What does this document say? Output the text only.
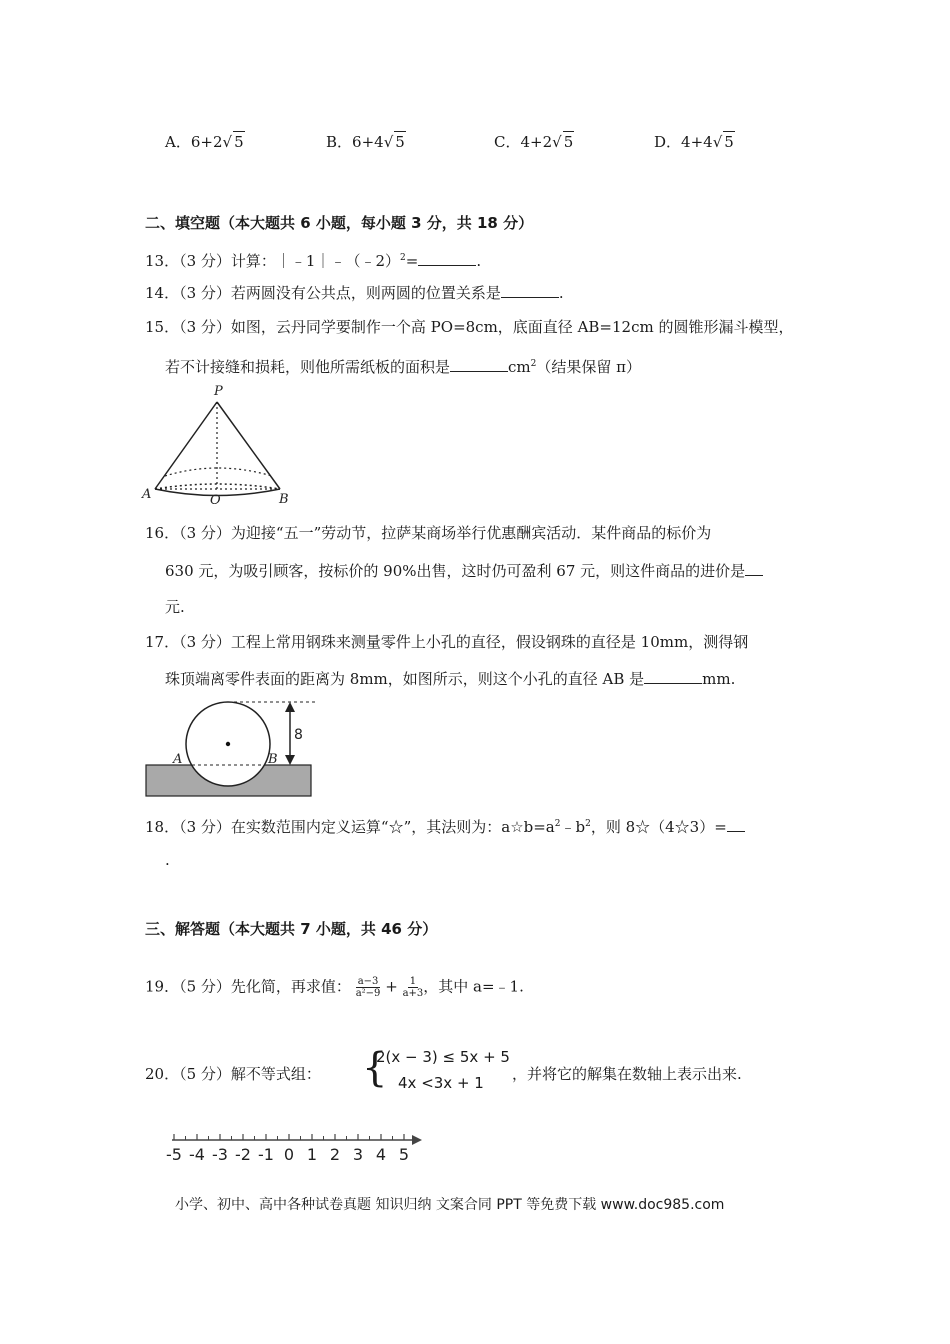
A．6+2√ 5	B．6+4√ 5	C．4+2√ 5	D．4+4√ 5
二、填空题（本大题共 6 小题，每小题 3 分，共 18 分）
13．（3 分）计算：｜﹣1｜﹣（﹣2）$^2$=	.
14．（3 分）若两圆没有公共点，则两圆的位置关系是	.
15．（3 分）如图，云丹同学要制作一个高 PO=8cm，底面直径 AB=12cm 的圆锥形漏斗模型，
若不计接缝和损耗，则他所需纸板的面积是	$cm^2$（结果保留 π）
P
A	O	B
16．（3 分）为迎接“五一”劳动节，拉萨某商场举行优惠酬宾活动．某件商品的标价为
630 元，为吸引顾客，按标价的 90%出售，这时仍可盈利 67 元，则这件商品的进价是
元.
17．（3 分）工程上常用钢珠来测量零件上小孔的直径，假设钢珠的直径是 10mm，测得钢
珠顶端离零件表面的距离为 8mm，如图所示，则这个小孔的直径 AB 是	mm.
8
A	B
18．（3 分）在实数范围内定义运算“☆”，其法则为：$a☆b=a^2﹣b^2$，则 8☆（4☆3）=
.
三、解答题（本大题共 7 小题，共 46 分）
19．（5 分）先化简，再求值： $\frac{a-3}{\text{a²−9}} + \frac{1}{a+3}$ ，其中 a=﹣1.
20．（5 分）解不等式组： {
2(x − 3) ≤ 5x + 5
4x <3x + 1 ，并将它的解集在数轴上表示出来.
-5 -4 -3 -2 -1 0 1 2 3 4 5
小学、初中、高中各种试卷真题 知识归纳 文案合同 PPT 等免费下载 www.doc985.com
